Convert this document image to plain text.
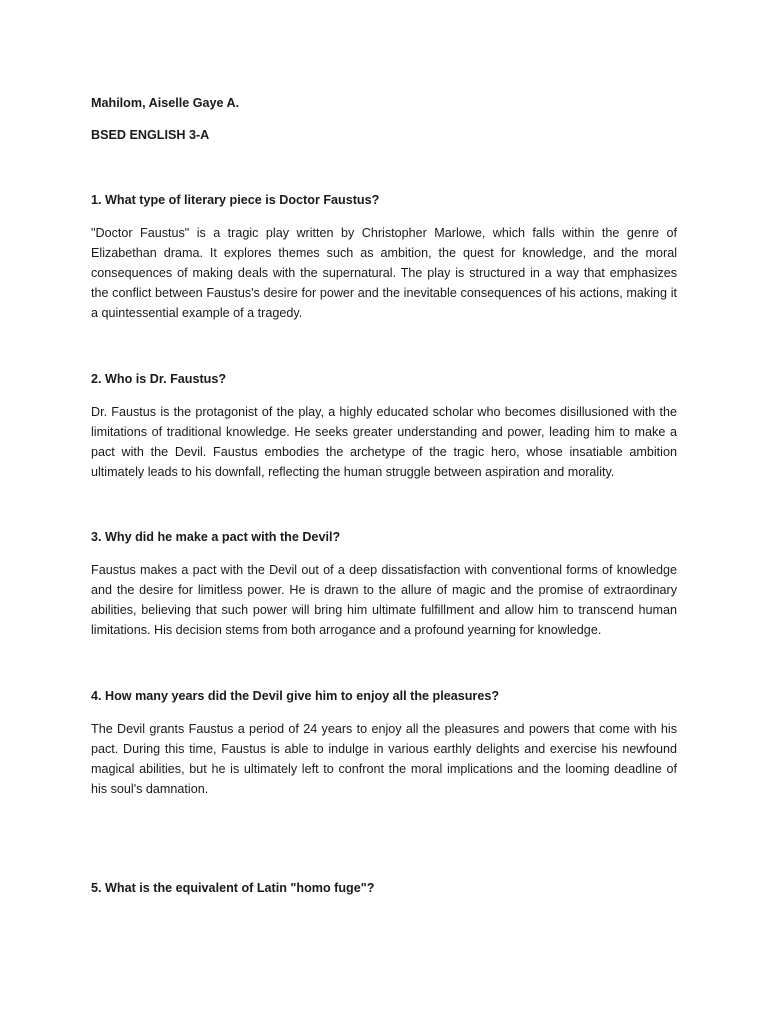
Mahilom, Aiselle Gaye A.
BSED ENGLISH 3-A
1. What type of literary piece is Doctor Faustus?
"Doctor Faustus" is a tragic play written by Christopher Marlowe, which falls within the genre of Elizabethan drama. It explores themes such as ambition, the quest for knowledge, and the moral consequences of making deals with the supernatural. The play is structured in a way that emphasizes the conflict between Faustus's desire for power and the inevitable consequences of his actions, making it a quintessential example of a tragedy.
2. Who is Dr. Faustus?
Dr. Faustus is the protagonist of the play, a highly educated scholar who becomes disillusioned with the limitations of traditional knowledge. He seeks greater understanding and power, leading him to make a pact with the Devil. Faustus embodies the archetype of the tragic hero, whose insatiable ambition ultimately leads to his downfall, reflecting the human struggle between aspiration and morality.
3. Why did he make a pact with the Devil?
Faustus makes a pact with the Devil out of a deep dissatisfaction with conventional forms of knowledge and the desire for limitless power. He is drawn to the allure of magic and the promise of extraordinary abilities, believing that such power will bring him ultimate fulfillment and allow him to transcend human limitations. His decision stems from both arrogance and a profound yearning for knowledge.
4. How many years did the Devil give him to enjoy all the pleasures?
The Devil grants Faustus a period of 24 years to enjoy all the pleasures and powers that come with his pact. During this time, Faustus is able to indulge in various earthly delights and exercise his newfound magical abilities, but he is ultimately left to confront the moral implications and the looming deadline of his soul's damnation.
5. What is the equivalent of Latin "homo fuge"?
